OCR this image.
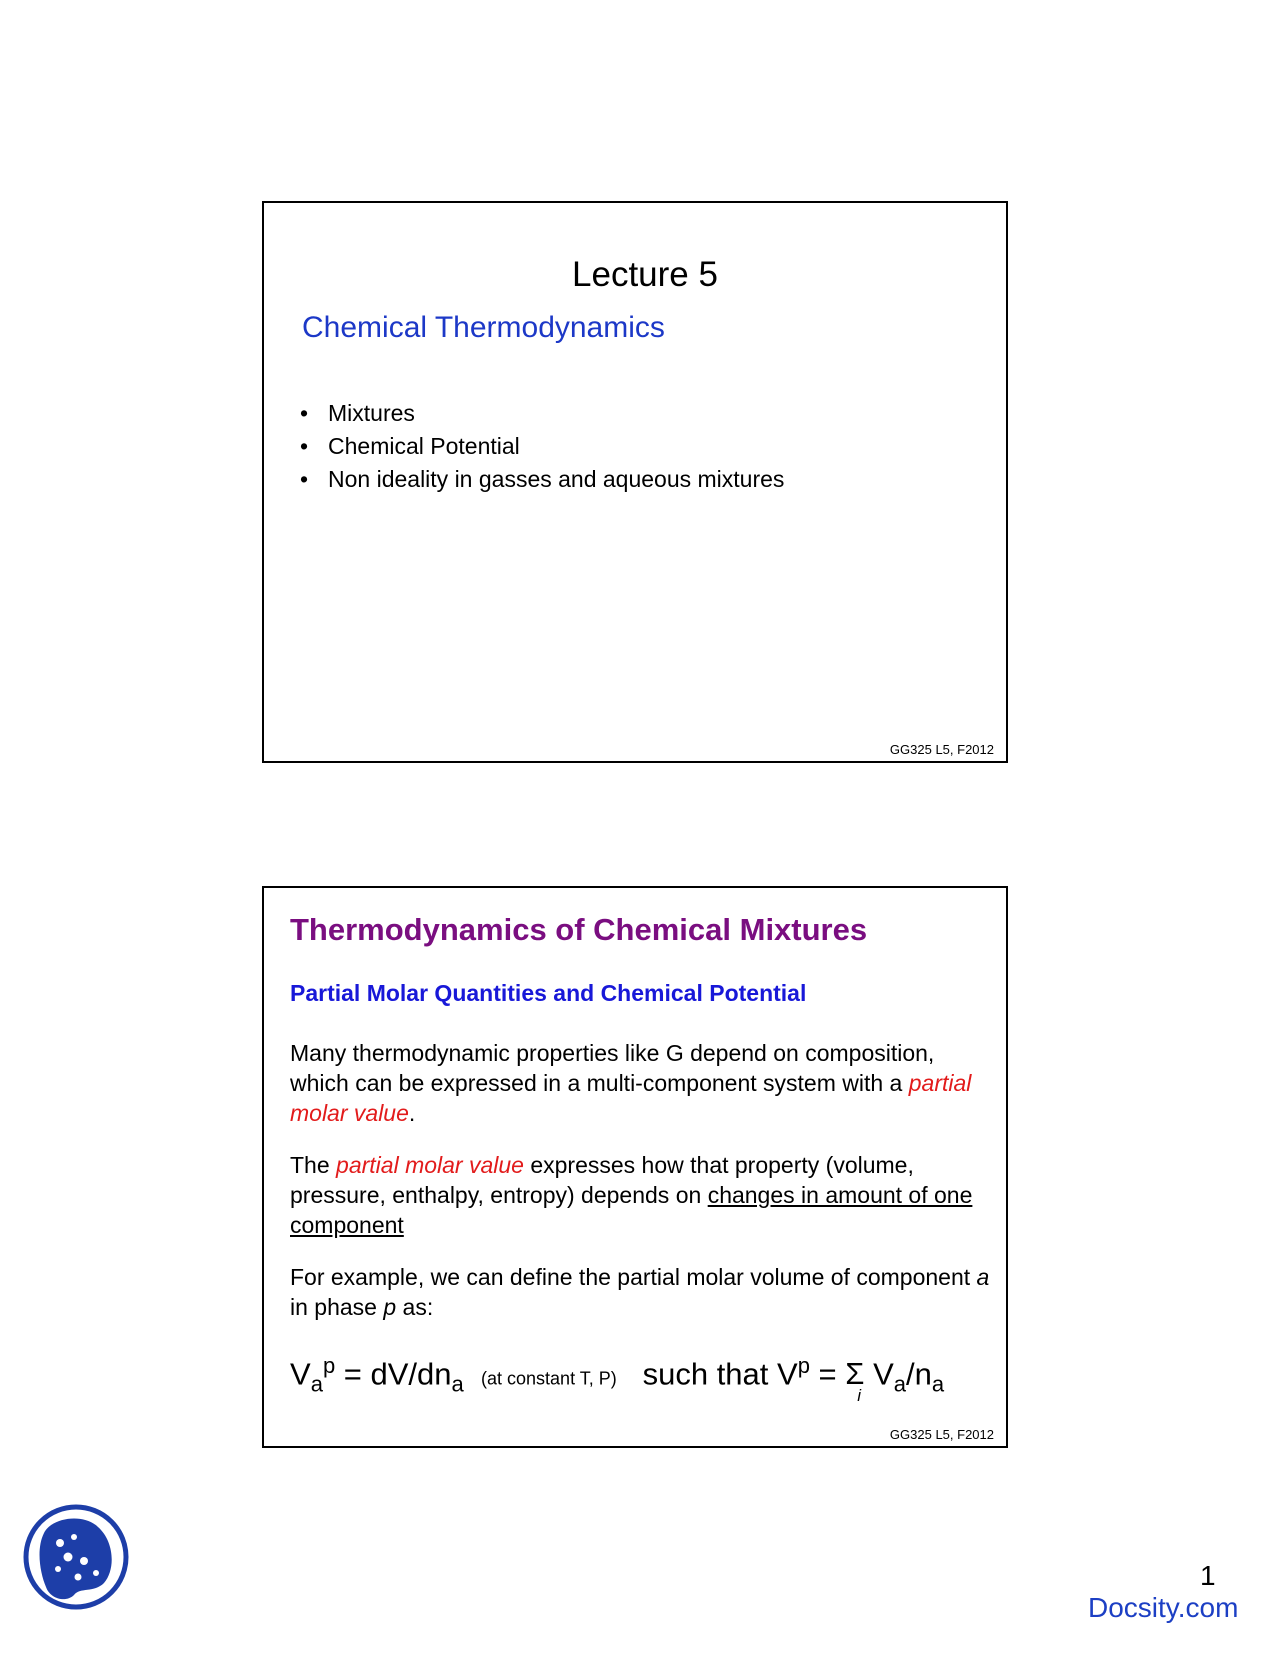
Lecture 5
Chemical Thermodynamics
• Mixtures
• Chemical Potential
• Non ideality in gasses and aqueous mixtures
GG325 L5, F2012
Thermodynamics of Chemical Mixtures
Partial Molar Quantities and Chemical Potential

Many thermodynamic properties like G depend on composition, which can be expressed in a multi-component system with a partial molar value.

The partial molar value expresses how that property (volume, pressure, enthalpy, entropy) depends on changes in amount of one component

For example, we can define the partial molar volume of component a in phase p as:

$V_a^p = dV/dn_a$ (at constant T, P) such that $V^p = \Sigma$
i
$V_a/n_a$
GG325 L5, F2012
1
Docsity.com
